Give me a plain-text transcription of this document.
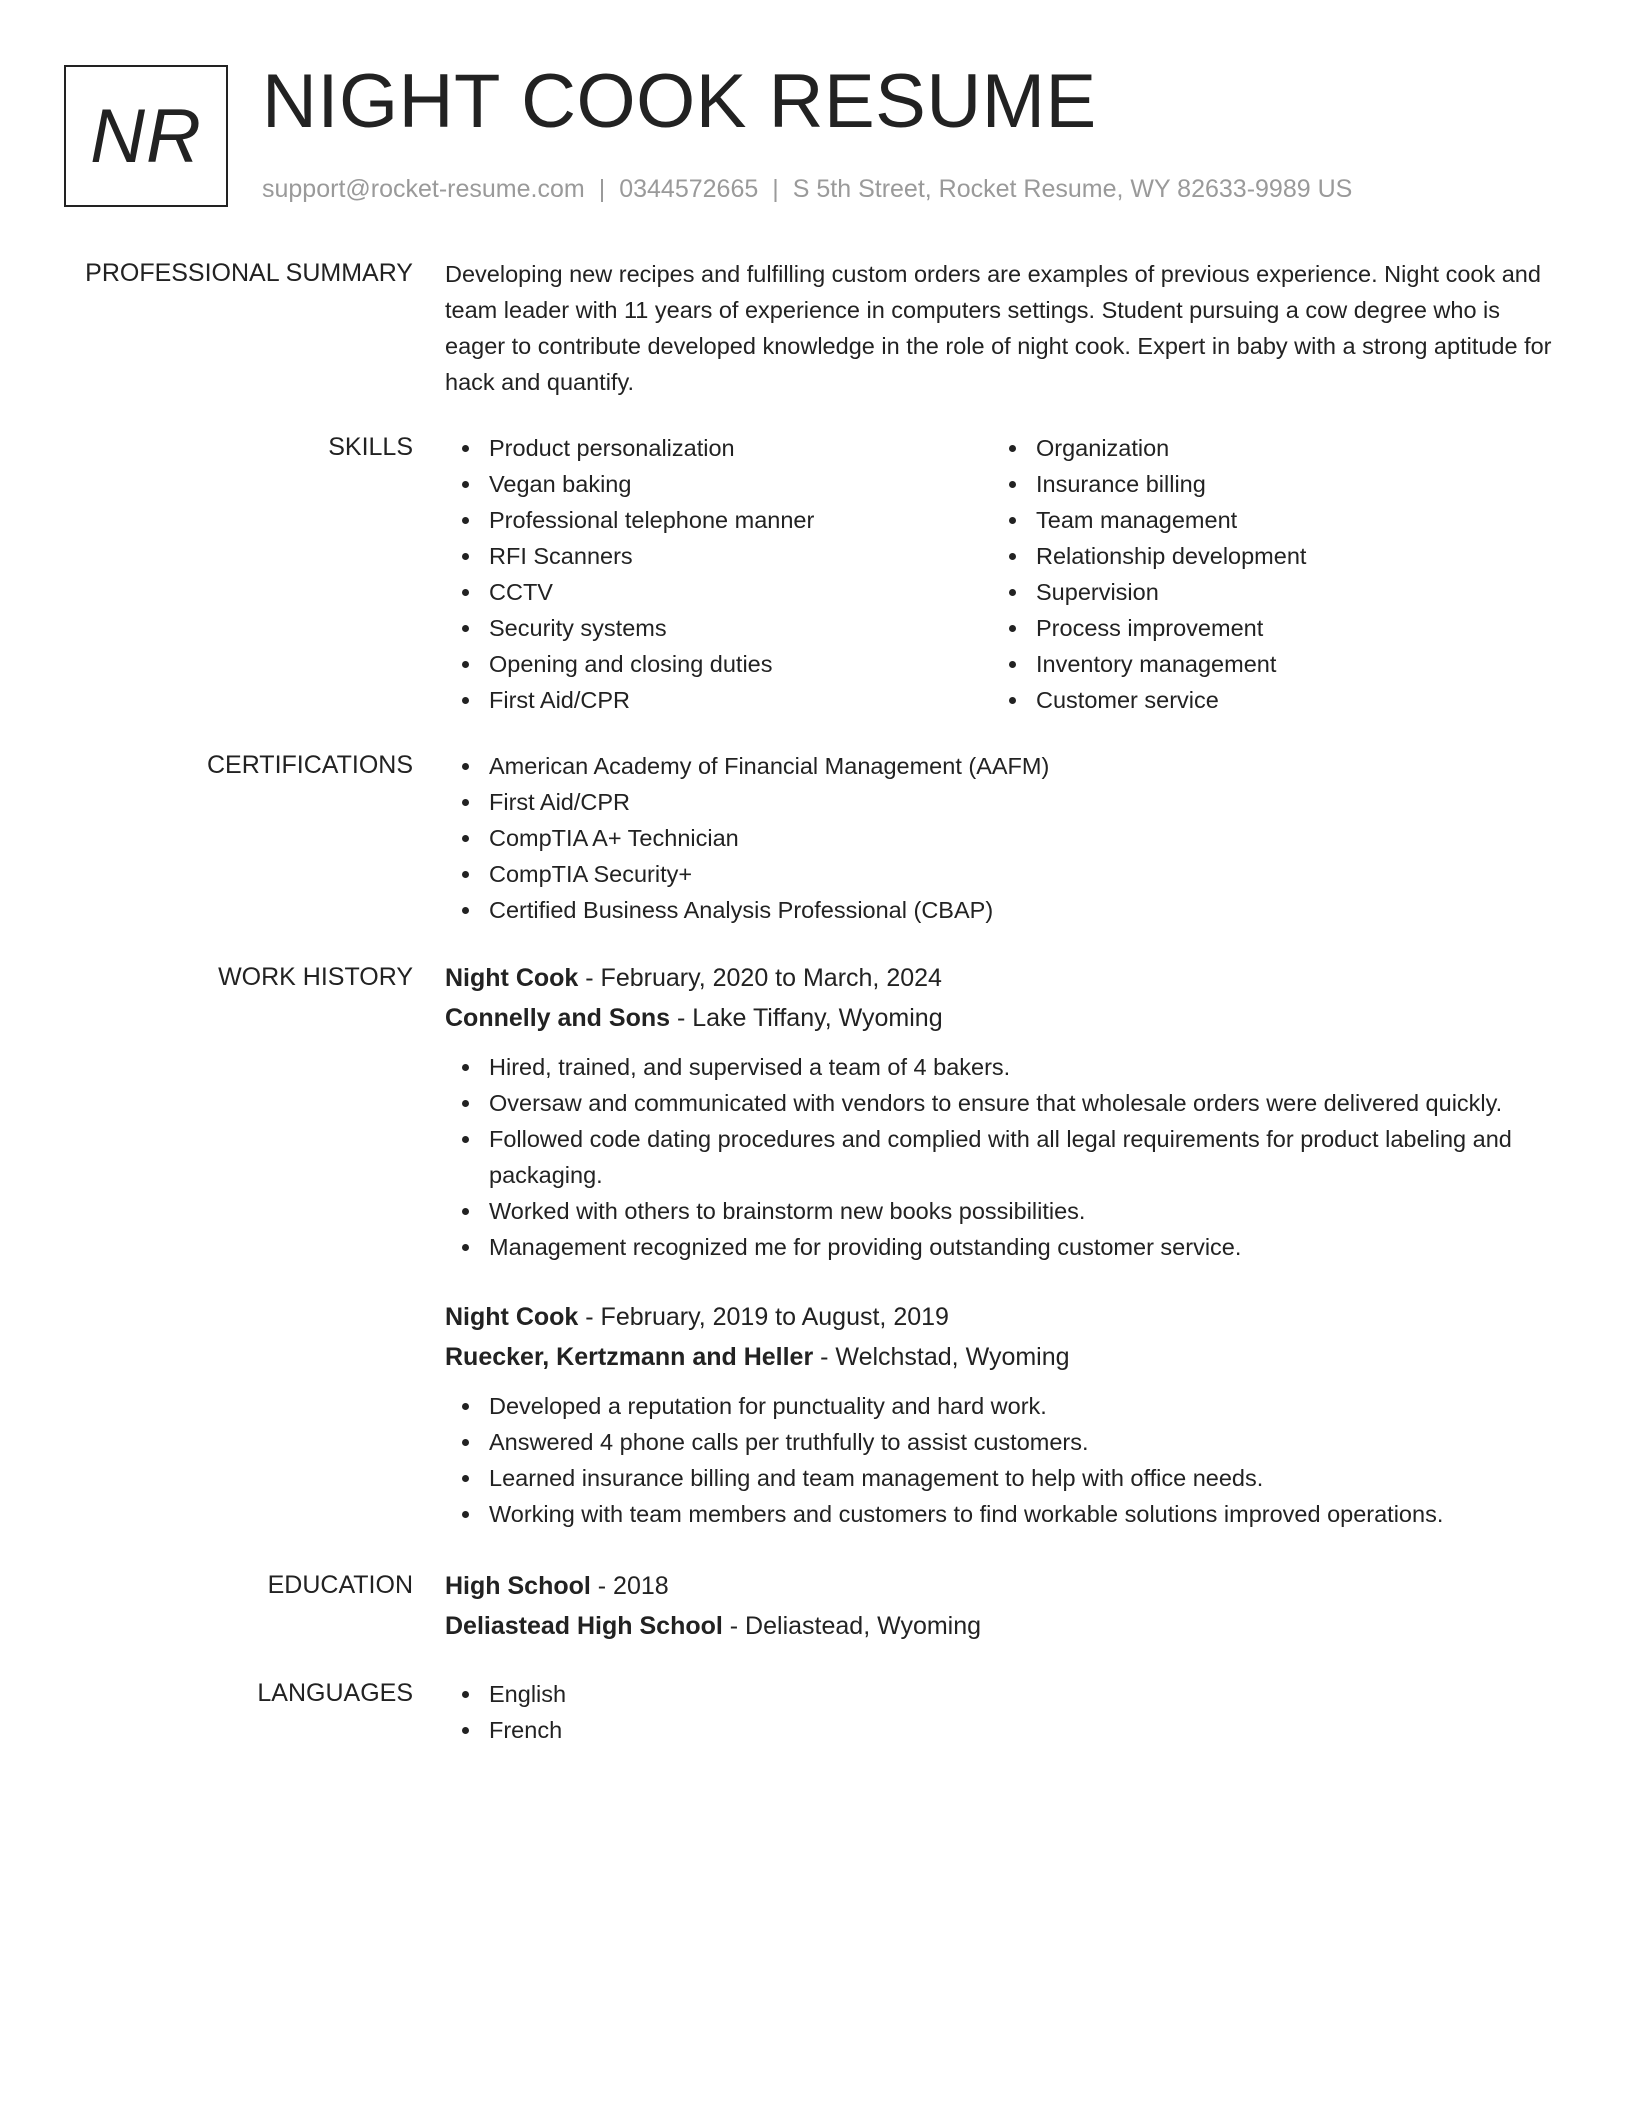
NR NIGHT COOK RESUME
support@rocket-resume.com | 0344572665 | S 5th Street, Rocket Resume, WY 82633-9989 US
PROFESSIONAL SUMMARY Developing new recipes and fulfilling custom orders are examples of previous experience. Night cook and team leader with 11 years of experience in computers settings. Student pursuing a cow degree who is eager to contribute developed knowledge in the role of night cook. Expert in baby with a strong aptitude for hack and quantify.

SKILLS	Product personalization
Vegan baking
Professional telephone manner
RFI Scanners
CCTV
Security systems
Opening and closing duties
First Aid/CPR
Organization
Insurance billing
Team management
Relationship development
Supervision
Process improvement
Inventory management
Customer service
CERTIFICATIONS	American Academy of Financial Management (AAFM)
First Aid/CPR
CompTIA A+ Technician
CompTIA Security+
Certified Business Analysis Professional (CBAP)
WORK HISTORY Night Cook - February, 2020 to March, 2024
Connelly and Sons - Lake Tiffany, Wyoming
Hired, trained, and supervised a team of 4 bakers.
Oversaw and communicated with vendors to ensure that wholesale orders were delivered quickly.
Followed code dating procedures and complied with all legal requirements for product labeling and packaging.
Worked with others to brainstorm new books possibilities.
Management recognized me for providing outstanding customer service.
Night Cook - February, 2019 to August, 2019
Ruecker, Kertzmann and Heller - Welchstad, Wyoming
Developed a reputation for punctuality and hard work.
Answered 4 phone calls per truthfully to assist customers.
Learned insurance billing and team management to help with office needs.
Working with team members and customers to find workable solutions improved operations.
EDUCATION High School - 2018
Deliastead High School - Deliastead, Wyoming
LANGUAGES	English
French
